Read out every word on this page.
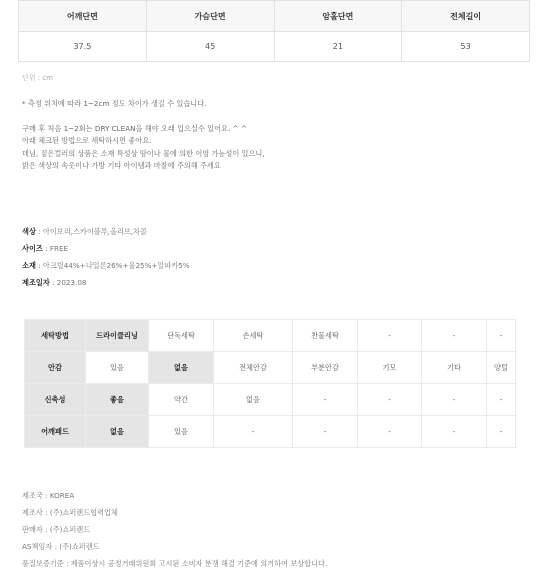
어깨단면	가슴단면	암홀단면	전체길이
37.5	45	21	53
단위 : cm
* 측정 위치에 따라 1~2cm 정도 차이가 생길 수 있습니다.
구매 후 처음 1~2회는 DRY CLEAN을 해야 오래 입으실수 있어요. ^ ^
아래 체크된 방법으로 세탁하시면 좋아요.
데님, 짙은컬러의 상품은 소재 특성상 땀이나 물에 의한 이염 가능성이 있으니,
밝은 색상의 속옷이나 가방 기타 아이템과 마찰에 주의해 주세요
색상 : 아이보리,스카이블루,올리브,차콜
사이즈 : FREE
소재 : 아크릴44%+나일론26%+울25%+알파카5%
제조일자 : 2023.08
세탁방법	드라이클리닝	단독세탁	손세탁	찬물세탁	-	-	-
안감	있음	없음	전체안감	부분안감	기모	기타	양털
신축성	좋음	약간	없음	-	-	-	-
어깨패드	없음	있음	-	-	-	-	-
제조국 : KOREA
제조사 : (주)쇼퍼랜드협력업체
판매자 : (주)쇼퍼랜드
AS책임자 : (주)쇼퍼랜드
품질보증기준 : 제품이상시 공정거래위원회 고시된 소비자 분쟁 해결 기준에 의거하여 보상합니다.
